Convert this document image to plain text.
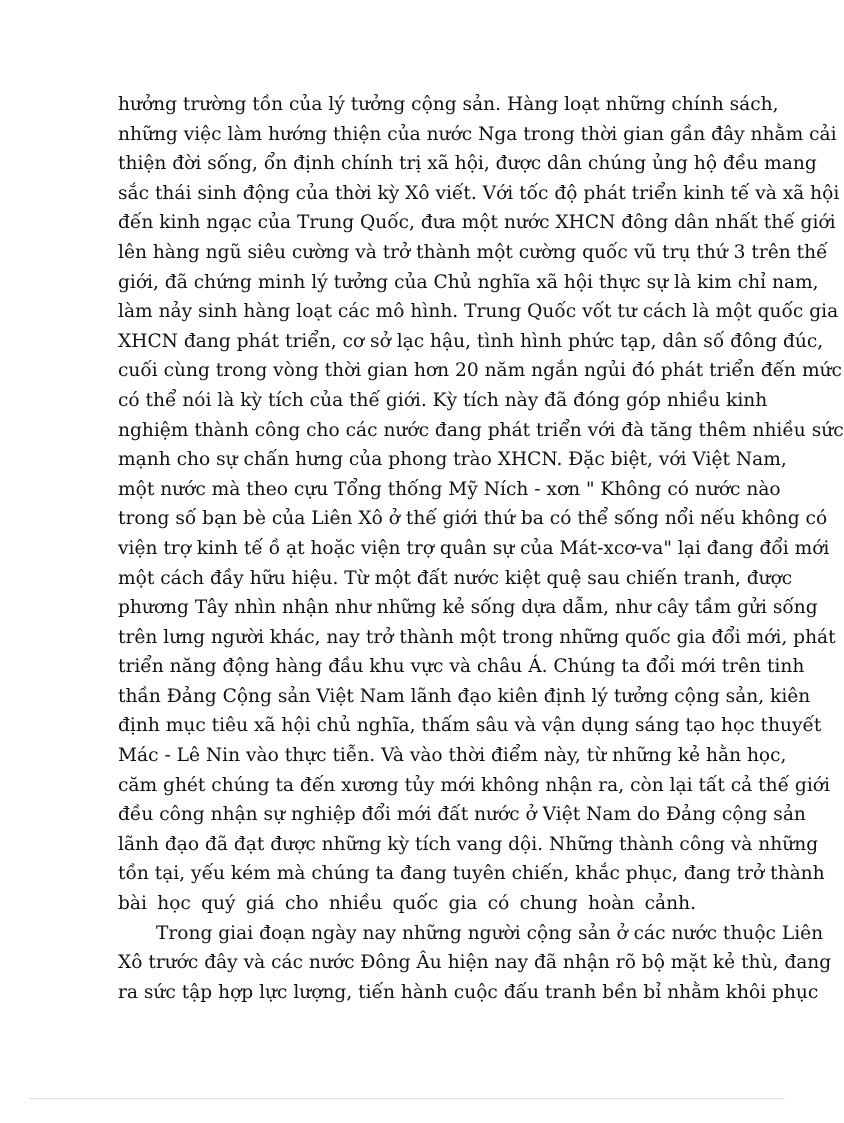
hưởng trường tồn của lý tưởng cộng sản. Hàng loạt những chính sách,
những việc làm hướng thiện của nước Nga trong thời gian gần đây nhằm cải
thiện đời sống, ổn định chính trị xã hội, được dân chúng ủng hộ đều mang
sắc thái sinh động của thời kỳ Xô viết. Với tốc độ phát triển kinh tế và xã hội
đến kinh ngạc của Trung Quốc, đưa một nước XHCN đông dân nhất thế giới
lên hàng ngũ siêu cường và trở thành một cường quốc vũ trụ thứ 3 trên thế
giới, đã chứng minh lý tưởng của Chủ nghĩa xã hội thực sự là kim chỉ nam,
làm nảy sinh hàng loạt các mô hình. Trung Quốc vốt tư cách là một quốc gia
XHCN đang phát triển, cơ sở lạc hậu, tình hình phức tạp, dân số đông đúc,
cuối cùng trong vòng thời gian hơn 20 năm ngắn ngủi đó phát triển đến mức
có thể nói là kỳ tích của thế giới. Kỳ tích này đã đóng góp nhiều kinh
nghiệm thành công cho các nước đang phát triển với đà tăng thêm nhiều sức
mạnh cho sự chấn hưng của phong trào XHCN. Đặc biệt, với Việt Nam,
một nước mà theo cựu Tổng thống Mỹ Ních - xơn " Không có nước nào
trong số bạn bè của Liên Xô ở thế giới thứ ba có thể sống nổi nếu không có
viện trợ kinh tế ồ ạt hoặc viện trợ quân sự của Mát-xcơ-va" lại đang đổi mới
một cách đầy hữu hiệu. Từ một đất nước kiệt quệ sau chiến tranh, được
phương Tây nhìn nhận như những kẻ sống dựa dẫm, như cây tầm gửi sống
trên lưng người khác, nay trở thành một trong những quốc gia đổi mới, phát
triển năng động hàng đầu khu vực và châu Á. Chúng ta đổi mới trên tinh
thần Đảng Cộng sản Việt Nam lãnh đạo kiên định lý tưởng cộng sản, kiên
định mục tiêu xã hội chủ nghĩa, thấm sâu và vận dụng sáng tạo học thuyết
Mác - Lê Nin vào thực tiễn. Và vào thời điểm này, từ những kẻ hằn học,
căm ghét chúng ta đến xương tủy mới không nhận ra, còn lại tất cả thế giới
đều công nhận sự nghiệp đổi mới đất nước ở Việt Nam do Đảng cộng sản
lãnh đạo đã đạt được những kỳ tích vang dội. Những thành công và những
tồn tại, yếu kém mà chúng ta đang tuyên chiến, khắc phục, đang trở thành
bài học quý giá cho nhiều quốc gia có chung hoàn cảnh.
Trong giai đoạn ngày nay những người cộng sản ở các nước thuộc Liên
Xô trước đây và các nước Đông Âu hiện nay đã nhận rõ bộ mặt kẻ thù, đang
ra sức tập hợp lực lượng, tiến hành cuộc đấu tranh bền bỉ nhằm khôi phục
